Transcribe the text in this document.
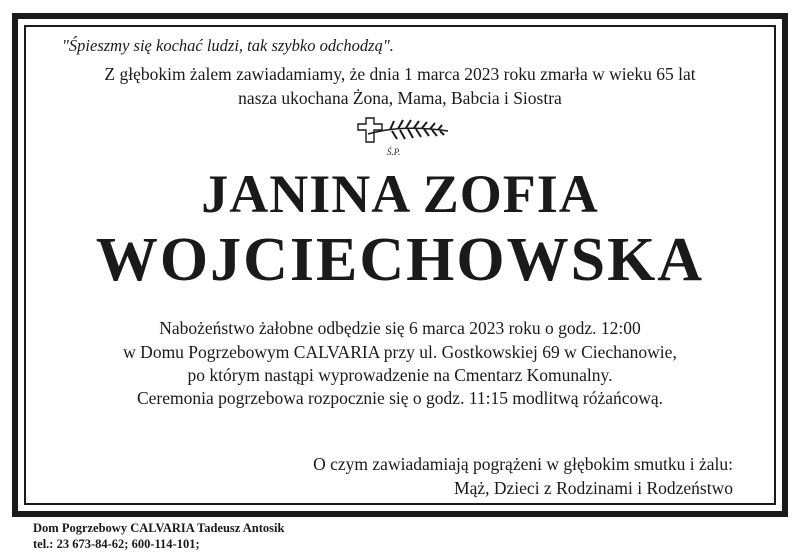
"Śpieszmy się kochać ludzi, tak szybko odchodzą".
Z głębokim żalem zawiadamiamy, że dnia 1 marca 2023 roku zmarła w wieku 65 lat
nasza ukochana Żona, Mama, Babcia i Siostra
Ś.P.
JANINA ZOFIA
WOJCIECHOWSKA
Nabożeństwo żałobne odbędzie się 6 marca 2023 roku o godz. 12:00
w Domu Pogrzebowym CALVARIA przy ul. Gostkowskiej 69 w Ciechanowie,
po którym nastąpi wyprowadzenie na Cmentarz Komunalny.
Ceremonia pogrzebowa rozpocznie się o godz. 11:15 modlitwą różańcową.
O czym zawiadamiają pogrążeni w głębokim smutku i żalu:
Mąż, Dzieci z Rodzinami i Rodzeństwo
Dom Pogrzebowy CALVARIA Tadeusz Antosik
tel.: 23 673-84-62; 600-114-101;
